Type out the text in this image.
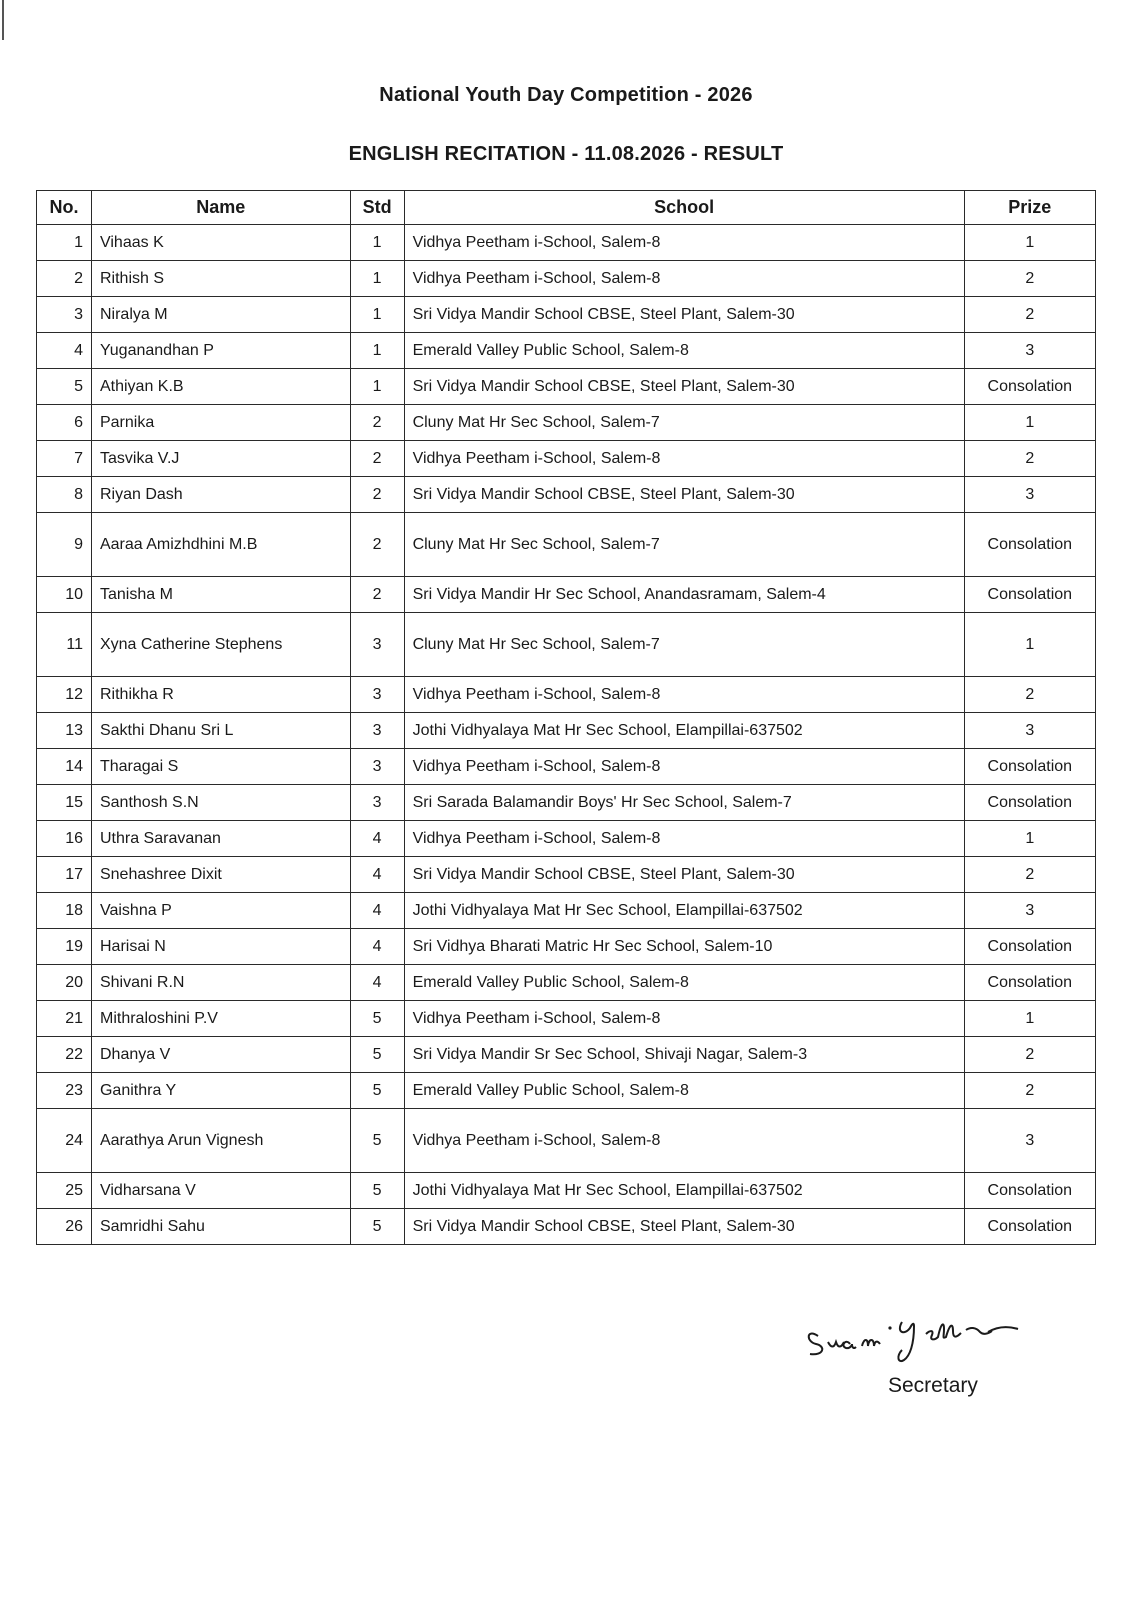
National Youth Day Competition - 2026
ENGLISH RECITATION - 11.08.2026 - RESULT
No.	Name	Std	School	Prize
1	Vihaas K	1	Vidhya Peetham i-School, Salem-8	1
2	Rithish S	1	Vidhya Peetham i-School, Salem-8	2
3	Niralya M	1	Sri Vidya Mandir School CBSE, Steel Plant, Salem-30	2
4	Yuganandhan P	1	Emerald Valley Public School, Salem-8	3
5	Athiyan K.B	1	Sri Vidya Mandir School CBSE, Steel Plant, Salem-30	Consolation
6	Parnika	2	Cluny Mat Hr Sec School, Salem-7	1
7	Tasvika V.J	2	Vidhya Peetham i-School, Salem-8	2
8	Riyan Dash	2	Sri Vidya Mandir School CBSE, Steel Plant, Salem-30	3
9	Aaraa Amizhdhini M.B	2	Cluny Mat Hr Sec School, Salem-7	Consolation
10	Tanisha M	2	Sri Vidya Mandir Hr Sec School, Anandasramam, Salem-4	Consolation
11	Xyna Catherine Stephens	3	Cluny Mat Hr Sec School, Salem-7	1
12	Rithikha R	3	Vidhya Peetham i-School, Salem-8	2
13	Sakthi Dhanu Sri L	3	Jothi Vidhyalaya Mat Hr Sec School, Elampillai-637502	3
14	Tharagai S	3	Vidhya Peetham i-School, Salem-8	Consolation
15	Santhosh S.N	3	Sri Sarada Balamandir Boys' Hr Sec School, Salem-7	Consolation
16	Uthra Saravanan	4	Vidhya Peetham i-School, Salem-8	1
17	Snehashree Dixit	4	Sri Vidya Mandir School CBSE, Steel Plant, Salem-30	2
18	Vaishna P	4	Jothi Vidhyalaya Mat Hr Sec School, Elampillai-637502	3
19	Harisai N	4	Sri Vidhya Bharati Matric Hr Sec School, Salem-10	Consolation
20	Shivani R.N	4	Emerald Valley Public School, Salem-8	Consolation
21	Mithraloshini P.V	5	Vidhya Peetham i-School, Salem-8	1
22	Dhanya V	5	Sri Vidya Mandir Sr Sec School, Shivaji Nagar, Salem-3	2
23	Ganithra Y	5	Emerald Valley Public School, Salem-8	2
24	Aarathya Arun Vignesh	5	Vidhya Peetham i-School, Salem-8	3
25	Vidharsana V	5	Jothi Vidhyalaya Mat Hr Sec School, Elampillai-637502	Consolation
26	Samridhi Sahu	5	Sri Vidya Mandir School CBSE, Steel Plant, Salem-30	Consolation
Secretary
